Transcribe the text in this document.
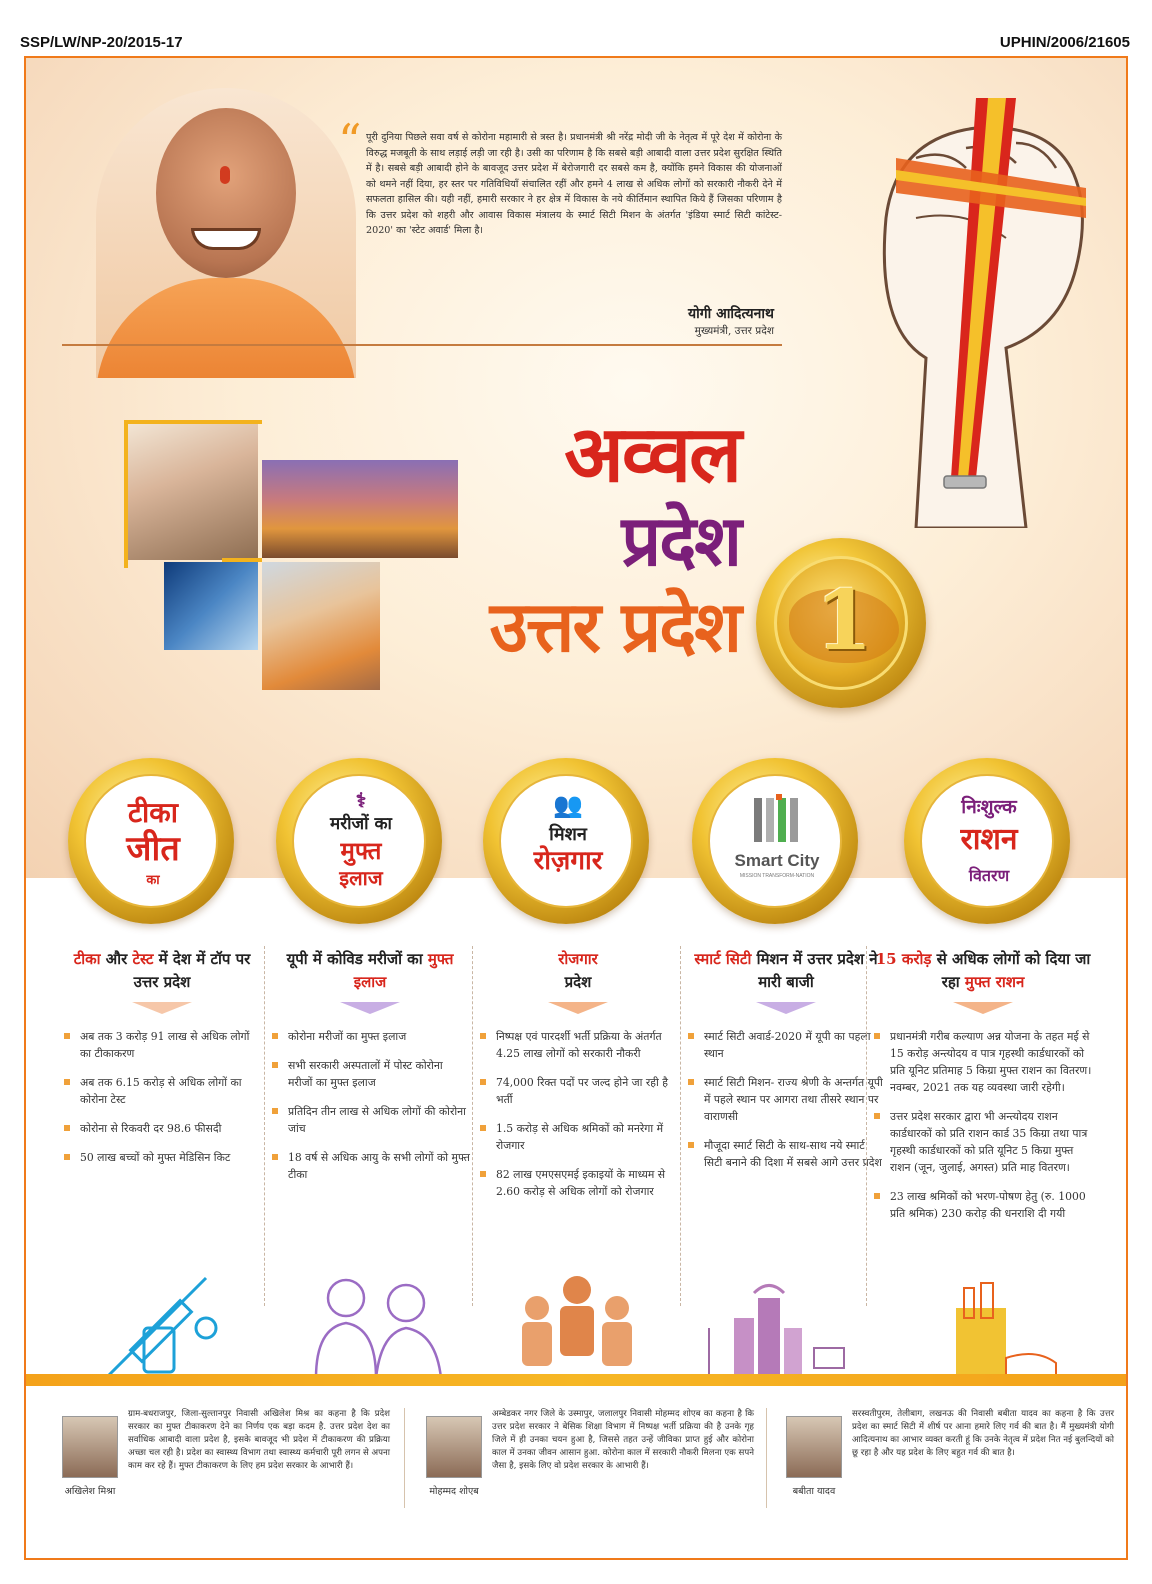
SSP/LW/NP-20/2015-17	UPHIN/2006/21605
“ पूरी दुनिया पिछले सवा वर्ष से कोरोना महामारी से त्रस्त है। प्रधानमंत्री श्री नरेंद्र मोदी जी के नेतृत्व में पूरे देश में कोरोना के विरुद्ध मजबूती के साथ लड़ाई लड़ी जा रही है। उसी का परिणाम है कि सबसे बड़ी आबादी वाला उत्तर प्रदेश सुरक्षित स्थिति में है। सबसे बड़ी आबादी होने के बावजूद उत्तर प्रदेश में बेरोजगारी दर सबसे कम है, क्योंकि हमने विकास की योजनाओं को थमने नहीं दिया, हर स्तर पर गतिविधियाँ संचालित रहीं और हमने 4 लाख से अधिक लोगों को सरकारी नौकरी देने में सफलता हासिल की। यही नहीं, हमारी सरकार ने हर क्षेत्र में विकास के नये कीर्तिमान स्थापित किये हैं जिसका परिणाम है कि उत्तर प्रदेश को शहरी और आवास विकास मंत्रालय के स्मार्ट सिटी मिशन के अंतर्गत 'इंडिया स्मार्ट सिटी कांटेस्ट- 2020' का 'स्टेट अवार्ड' मिला है।

योगी आदित्यनाथ
मुख्यमंत्री, उत्तर प्रदेश
अव्वल
प्रदेश
उत्तर प्रदेश 1
टीका
जीत
का
⚕
मरीजों का
मुफ्त
इलाज
👥
मिशन
रोज़गार	Smart City
MISSION TRANSFORM-NATION
निःशुल्क
राशन
वितरण
टीका और टेस्ट में देश में टॉप पर उत्तर प्रदेश
अब तक 3 करोड़ 91 लाख से अधिक लोगों का टीकाकरण
अब तक 6.15 करोड़ से अधिक लोगों का कोरोना टेस्ट
कोरोना से रिकवरी दर 98.6 फीसदी
50 लाख बच्चों को मुफ्त मेडिसिन किट
यूपी में कोविड मरीजों का मुफ्त इलाज
कोरोना मरीजों का मुफ्त इलाज
सभी सरकारी अस्पतालों में पोस्ट कोरोना मरीजों का मुफ्त इलाज
प्रतिदिन तीन लाख से अधिक लोगों की कोरोना जांच
18 वर्ष से अधिक आयु के सभी लोगों को मुफ्त टीका
रोजगार
प्रदेश
निष्पक्ष एवं पारदर्शी भर्ती प्रक्रिया के अंतर्गत 4.25 लाख लोगों को सरकारी नौकरी
74,000 रिक्त पदों पर जल्द होने जा रही है भर्ती
1.5 करोड़ से अधिक श्रमिकों को मनरेगा में रोजगार
82 लाख एमएसएमई इकाइयों के माध्यम से 2.60 करोड़ से अधिक लोगों को रोजगार
स्मार्ट सिटी मिशन में उत्तर प्रदेश ने मारी बाजी
स्मार्ट सिटी अवार्ड-2020 में यूपी का पहला स्थान
स्मार्ट सिटी मिशन- राज्य श्रेणी के अन्तर्गत यूपी में पहले स्थान पर आगरा तथा तीसरे स्थान पर वाराणसी
मौजूदा स्मार्ट सिटी के साथ-साथ नये स्मार्ट सिटी बनाने की दिशा में सबसे आगे उत्तर प्रदेश
15 करोड़ से अधिक लोगों को दिया जा रहा मुफ्त राशन
प्रधानमंत्री गरीब कल्याण अन्न योजना के तहत मई से 15 करोड़ अन्त्योदय व पात्र गृहस्थी कार्डधारकों को प्रति यूनिट प्रतिमाह 5 किग्रा मुफ्त राशन का वितरण। नवम्बर, 2021 तक यह व्यवस्था जारी रहेगी।
उत्तर प्रदेश सरकार द्वारा भी अन्त्योदय राशन कार्डधारकों को प्रति राशन कार्ड 35 किग्रा तथा पात्र गृहस्थी कार्डधारकों को प्रति यूनिट 5 किग्रा मुफ्त राशन (जून, जुलाई, अगस्त) प्रति माह वितरण।
23 लाख श्रमिकों को भरण-पोषण हेतु (रु. 1000 प्रति श्रमिक) 230 करोड़ की धनराशि दी गयी
अखिलेश मिश्रा

ग्राम-बधराजपुर, जिला-सुल्तानपुर निवासी अखिलेश मिश्र का कहना है कि प्रदेश सरकार का मुफ्त टीकाकरण देने का निर्णय एक बड़ा कदम है. उत्तर प्रदेश देश का सर्वाधिक आबादी वाला प्रदेश है, इसके बावजूद भी प्रदेश में टीकाकरण की प्रक्रिया अच्छा चल रही है। प्रदेश का स्वास्थ्य विभाग तथा स्वास्थ्य कर्मचारी पूरी लगन से अपना काम कर रहे हैं। मुफ्त टीकाकरण के लिए हम प्रदेश सरकार के आभारी हैं।

मोहम्मद शोएब

अम्बेडकर नगर जिले के उस्मापुर, जलालपुर निवासी मोहम्मद शोएब का कहना है कि उत्तर प्रदेश सरकार ने बेसिक शिक्षा विभाग में निष्पक्ष भर्ती प्रक्रिया की है उनके गृह जिले में ही उनका चयन हुआ है, जिससे तहत उन्हें जीविका प्राप्त हुई और कोरोना काल में उनका जीवन आसान हुआ. कोरोना काल में सरकारी नौकरी मिलना एक सपने जैसा है, इसके लिए वो प्रदेश सरकार के आभारी हैं।

बबीता यादव

सरस्वतीपुरम, तेलीबाग, लखनऊ की निवासी बबीता यादव का कहना है कि उत्तर प्रदेश का स्मार्ट सिटी में शीर्ष पर आना हमारे लिए गर्व की बात है। मैं मुख्यमंत्री योगी आदित्यनाथ का आभार व्यक्त करती हूं कि उनके नेतृत्व में प्रदेश नित नई बुलन्दियों को छू रहा है और यह प्रदेश के लिए बहुत गर्व की बात है।
